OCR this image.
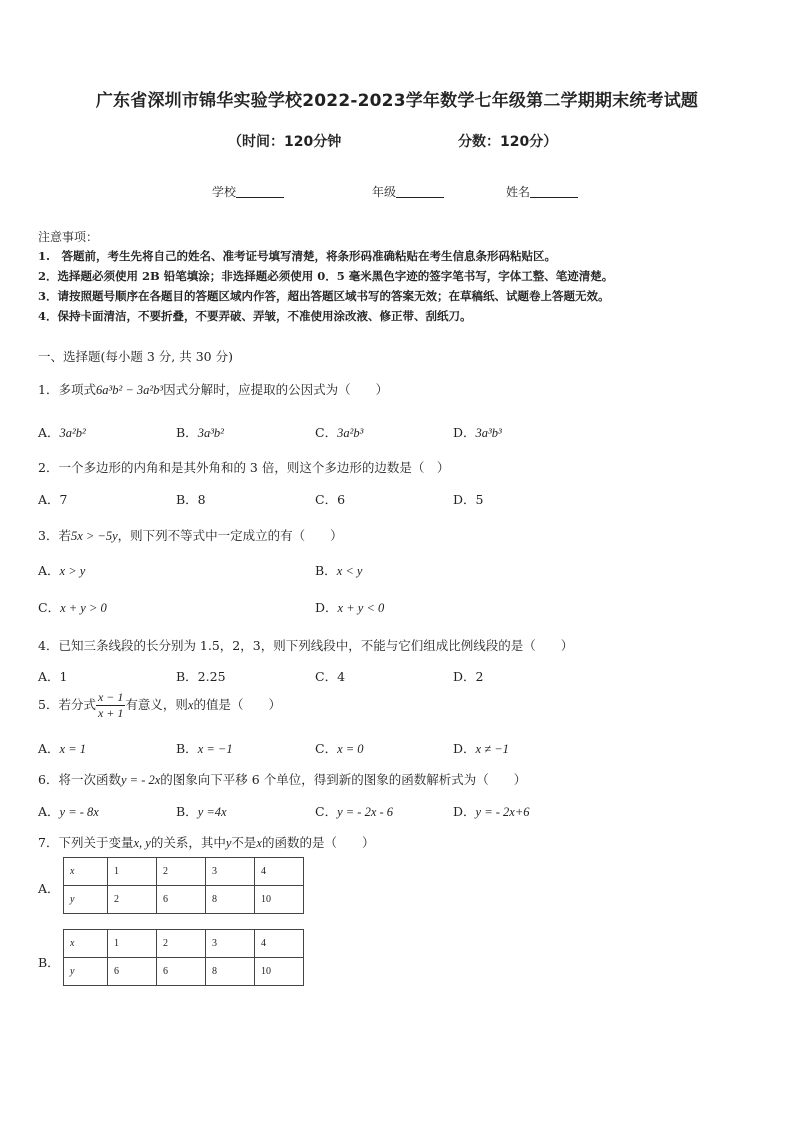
广东省深圳市锦华实验学校2022-2023学年数学七年级第二学期期末统考试题
（时间：120分钟	分数：120分）
学校	年级	姓名
注意事项：
1.　答题前，考生先将自己的姓名、准考证号填写清楚，将条形码准确粘贴在考生信息条形码粘贴区。
2．选择题必须使用 2B 铅笔填涂；非选择题必须使用 0．5 毫米黑色字迹的签字笔书写，字体工整、笔迹清楚。
3．请按照题号顺序在各题目的答题区域内作答，超出答题区域书写的答案无效；在草稿纸、试题卷上答题无效。
4．保持卡面清洁，不要折叠，不要弄破、弄皱，不准使用涂改液、修正带、刮纸刀。
一、选择题(每小题 3 分, 共 30 分)
1．多项式6a³b² − 3a²b³因式分解时，应提取的公因式为（　　）
A．3a²b²	B．3a³b²	C．3a²b³	D．3a³b³
2．一个多边形的内角和是其外角和的 3 倍，则这个多边形的边数是（　）
A．7	B．8	C．6	D．5
3．若5x > −5y，则下列不等式中一定成立的有（　　）
A．x > y	B．x < y
C．x + y > 0	D．x + y < 0
4．已知三条线段的长分别为 1.5，2，3，则下列线段中，不能与它们组成比例线段的是（　　）
A．1	B．2.25	C．4	D．2
5．若分式 $\frac{x - 1}{x + 1}$ 有意义，则x的值是（　　）
A．x = 1	B．x = −1	C．x = 0	D．x ≠ −1
6．将一次函数y = - 2x的图象向下平移 6 个单位，得到新的图象的函数解析式为（　　）
A．y = - 8x	B．y =4x	C．y = - 2x - 6	D．y = - 2x+6
7．下列关于变量x, y的关系，其中y不是x的函数的是（　　）
A．
x	1	2	3	4
y	2	6	8	10
B．
x	1	2	3	4
y	6	6	8	10
